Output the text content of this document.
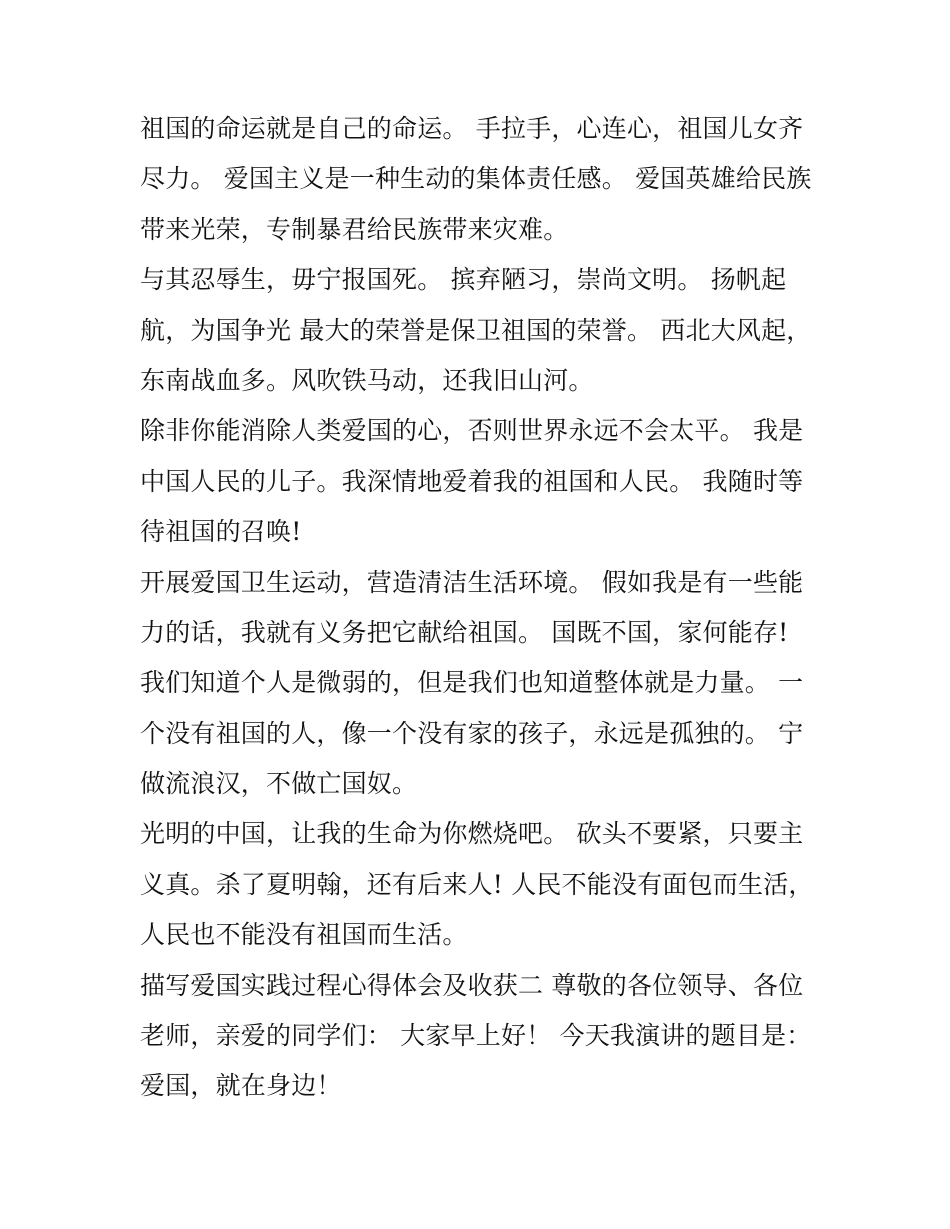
祖国的命运就是自己的命运。 手拉手，心连心，祖国儿女齐
尽力。 爱国主义是一种生动的集体责任感。 爱国英雄给民族
带来光荣，专制暴君给民族带来灾难。
与其忍辱生，毋宁报国死。 摈弃陋习，崇尚文明。 扬帆起
航，为国争光 最大的荣誉是保卫祖国的荣誉。 西北大风起，
东南战血多。风吹铁马动，还我旧山河。
除非你能消除人类爱国的心，否则世界永远不会太平。 我是
中国人民的儿子。我深情地爱着我的祖国和人民。 我随时等
待祖国的召唤!
开展爱国卫生运动，营造清洁生活环境。 假如我是有一些能
力的话，我就有义务把它献给祖国。 国既不国，家何能存!
我们知道个人是微弱的，但是我们也知道整体就是力量。 一
个没有祖国的人，像一个没有家的孩子，永远是孤独的。 宁
做流浪汉，不做亡国奴。
光明的中国，让我的生命为你燃烧吧。 砍头不要紧，只要主
义真。杀了夏明翰，还有后来人! 人民不能没有面包而生活，
人民也不能没有祖国而生活。
描写爱国实践过程心得体会及收获二 尊敬的各位领导、各位
老师，亲爱的同学们： 大家早上好！ 今天我演讲的题目是：
爱国，就在身边！
